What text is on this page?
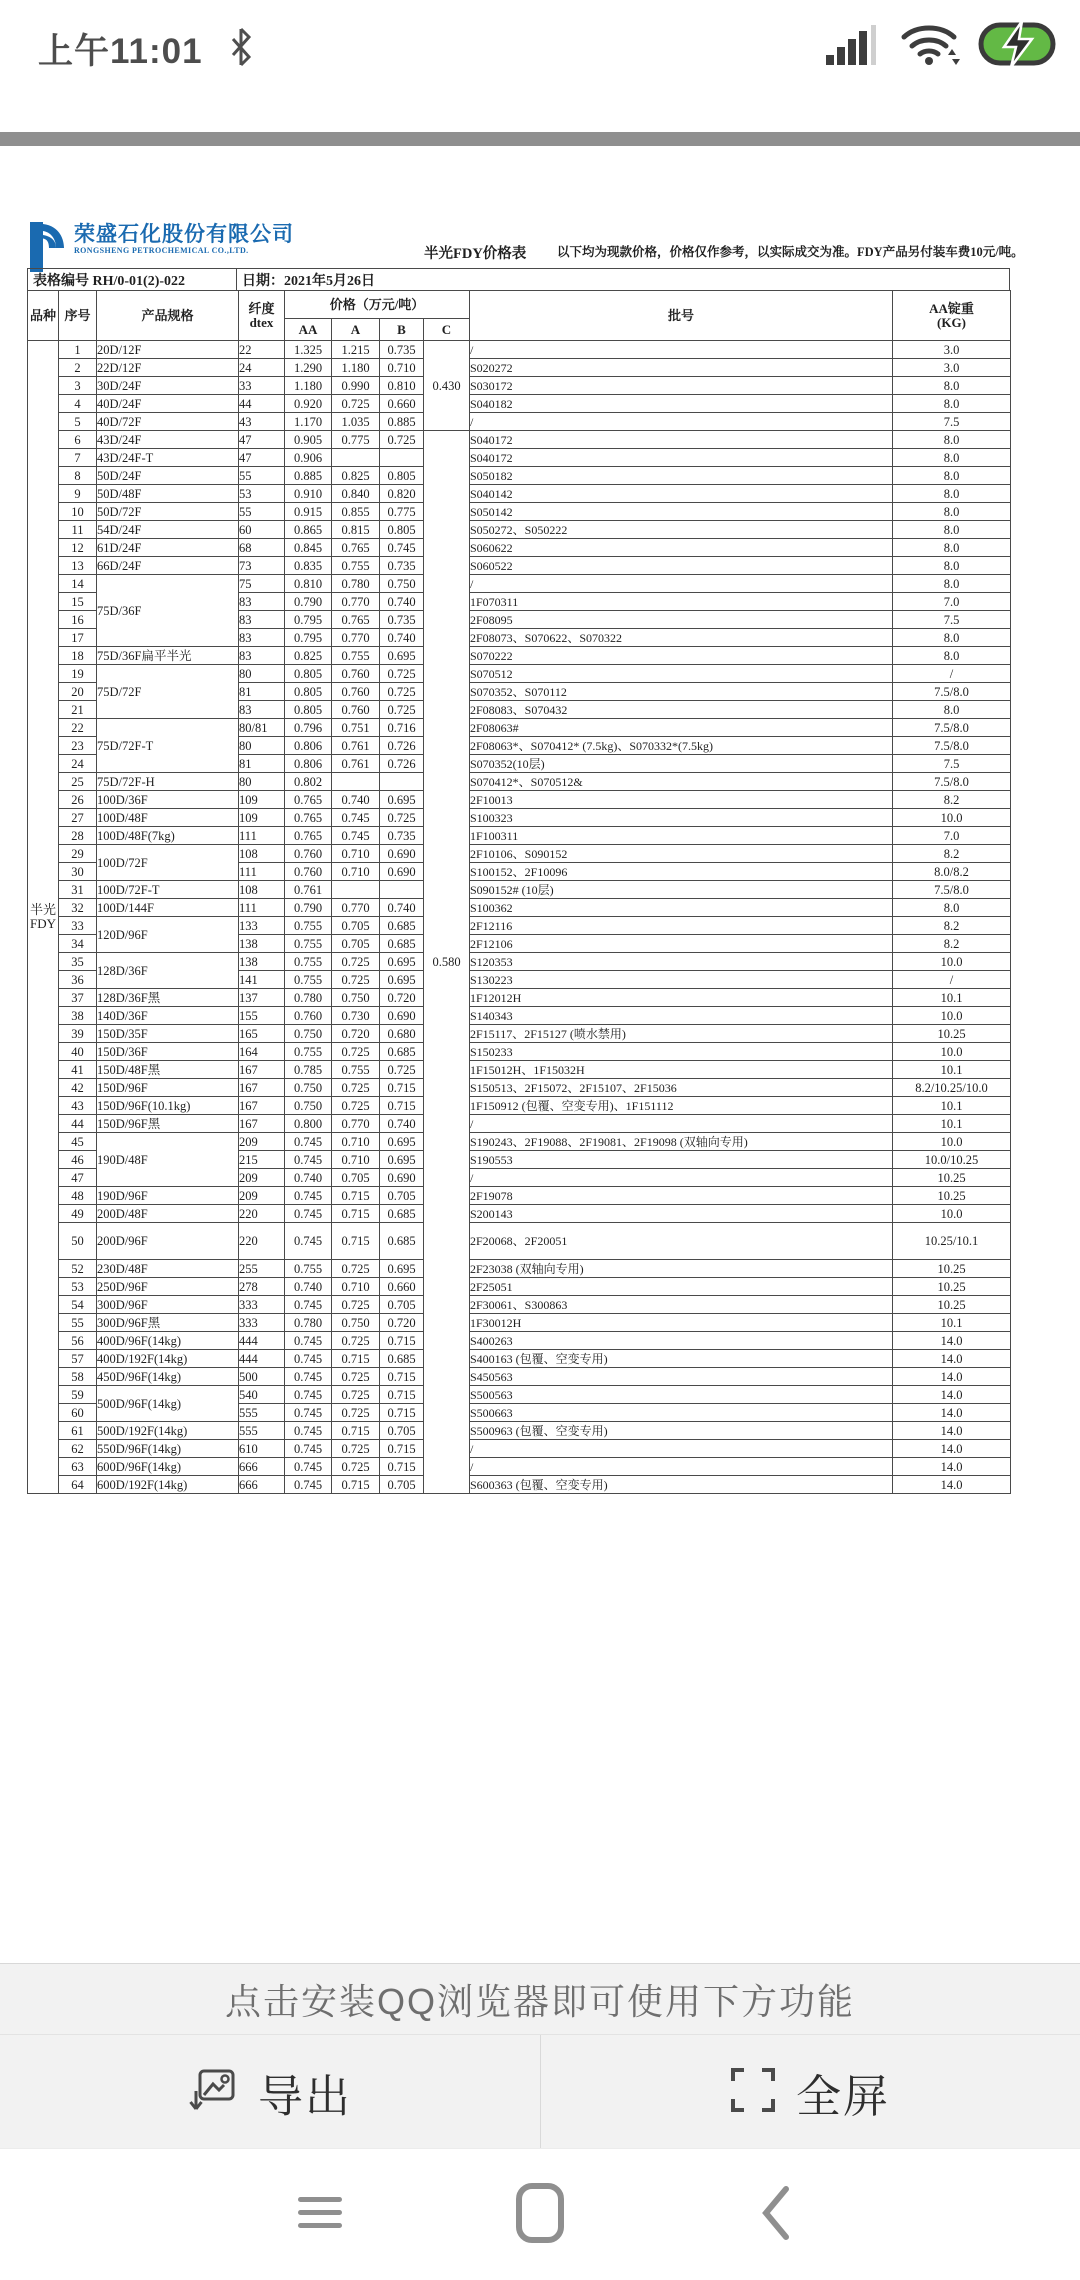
上午11:01
荣盛石化股份有限公司
RONGSHENG PETROCHEMICAL CO.,LTD.	半光FDY价格表 以下均为现款价格，价格仅作参考，以实际成交为准。FDY产品另付装车费10元/吨。
表格编号 RH/0-01(2)-022	日期：2021年5月26日
品种	序号	产品规格	纤度
dtex
	价格（万元/吨）	批号	AA锭重
(KG)

				AA	A	B	C		
半光FDY	1	20D/12F	22	1.325	1.215	0.735	0.430	/	3.0
	2	22D/12F	24	1.290	1.180	0.710		S020272	3.0
	3	30D/24F	33	1.180	0.990	0.810		S030172	8.0
	4	40D/24F	44	0.920	0.725	0.660		S040182	8.0
	5	40D/72F	43	1.170	1.035	0.885		/	7.5
	6	43D/24F	47	0.905	0.775	0.725	0.580	S040172	8.0
	7	43D/24F-T	47	0.906				S040172	8.0
	8	50D/24F	55	0.885	0.825	0.805		S050182	8.0
	9	50D/48F	53	0.910	0.840	0.820		S040142	8.0
	10	50D/72F	55	0.915	0.855	0.775		S050142	8.0
	11	54D/24F	60	0.865	0.815	0.805		S050272、S050222	8.0
	12	61D/24F	68	0.845	0.765	0.745		S060622	8.0
	13	66D/24F	73	0.835	0.755	0.735		S060522	8.0
	14	75D/36F	75	0.810	0.780	0.750		/	8.0
	15		83	0.790	0.770	0.740		1F070311	7.0
	16		83	0.795	0.765	0.735		2F08095	7.5
	17		83	0.795	0.770	0.740		2F08073、S070622、S070322	8.0
	18	75D/36F扁平半光	83	0.825	0.755	0.695		S070222	8.0
	19	75D/72F	80	0.805	0.760	0.725		S070512	/
	20		81	0.805	0.760	0.725		S070352、S070112	7.5/8.0
	21		83	0.805	0.760	0.725		2F08083、S070432	8.0
	22	75D/72F-T	80/81	0.796	0.751	0.716		2F08063#	7.5/8.0
	23		80	0.806	0.761	0.726		2F08063*、S070412* (7.5kg)、S070332*(7.5kg)	7.5/8.0
	24		81	0.806	0.761	0.726		S070352(10层)	7.5
	25	75D/72F-H	80	0.802				S070412*、S070512&	7.5/8.0
	26	100D/36F	109	0.765	0.740	0.695		2F10013	8.2
	27	100D/48F	109	0.765	0.745	0.725		S100323	10.0
	28	100D/48F(7kg)	111	0.765	0.745	0.735		1F100311	7.0
	29	100D/72F	108	0.760	0.710	0.690		2F10106、S090152	8.2
	30		111	0.760	0.710	0.690		S100152、2F10096	8.0/8.2
	31	100D/72F-T	108	0.761				S090152# (10层)	7.5/8.0
	32	100D/144F	111	0.790	0.770	0.740		S100362	8.0
	33	120D/96F	133	0.755	0.705	0.685		2F12116	8.2
	34		138	0.755	0.705	0.685		2F12106	8.2
	35	128D/36F	138	0.755	0.725	0.695		S120353	10.0
	36		141	0.755	0.725	0.695		S130223	/
	37	128D/36F黑	137	0.780	0.750	0.720		1F12012H	10.1
	38	140D/36F	155	0.760	0.730	0.690		S140343	10.0
	39	150D/35F	165	0.750	0.720	0.680		2F15117、2F15127 (喷水禁用)	10.25
	40	150D/36F	164	0.755	0.725	0.685		S150233	10.0
	41	150D/48F黑	167	0.785	0.755	0.725		1F15012H、1F15032H	10.1
	42	150D/96F	167	0.750	0.725	0.715		S150513、2F15072、2F15107、2F15036	8.2/10.25/10.0
	43	150D/96F(10.1kg)	167	0.750	0.725	0.715		1F150912 (包覆、空变专用)、1F151112	10.1
	44	150D/96F黑	167	0.800	0.770	0.740		/	10.1
	45	190D/48F	209	0.745	0.710	0.695		S190243、2F19088、2F19081、2F19098 (双轴向专用)	10.0
	46		215	0.745	0.710	0.695		S190553	10.0/10.25
	47		209	0.740	0.705	0.690		/	10.25
	48	190D/96F	209	0.745	0.715	0.705		2F19078	10.25
	49	200D/48F	220	0.745	0.715	0.685		S200143	10.0
	50	200D/96F	220	0.745	0.715	0.685		2F20068、2F20051	10.25/10.1
	52	230D/48F	255	0.755	0.725	0.695		2F23038 (双轴向专用)	10.25
	53	250D/96F	278	0.740	0.710	0.660		2F25051	10.25
	54	300D/96F	333	0.745	0.725	0.705		2F30061、S300863	10.25
	55	300D/96F黑	333	0.780	0.750	0.720		1F30012H	10.1
	56	400D/96F(14kg)	444	0.745	0.725	0.715		S400263	14.0
	57	400D/192F(14kg)	444	0.745	0.715	0.685		S400163 (包覆、空变专用)	14.0
	58	450D/96F(14kg)	500	0.745	0.725	0.715		S450563	14.0
	59	500D/96F(14kg)	540	0.745	0.725	0.715		S500563	14.0
	60		555	0.745	0.725	0.715		S500663	14.0
	61	500D/192F(14kg)	555	0.745	0.715	0.705		S500963 (包覆、空变专用)	14.0
	62	550D/96F(14kg)	610	0.745	0.725	0.715		/	14.0
	63	600D/96F(14kg)	666	0.745	0.725	0.715		/	14.0
	64	600D/192F(14kg)	666	0.745	0.715	0.705		S600363 (包覆、空变专用)	14.0
点击安装QQ浏览器即可使用下方功能
导出	全屏
